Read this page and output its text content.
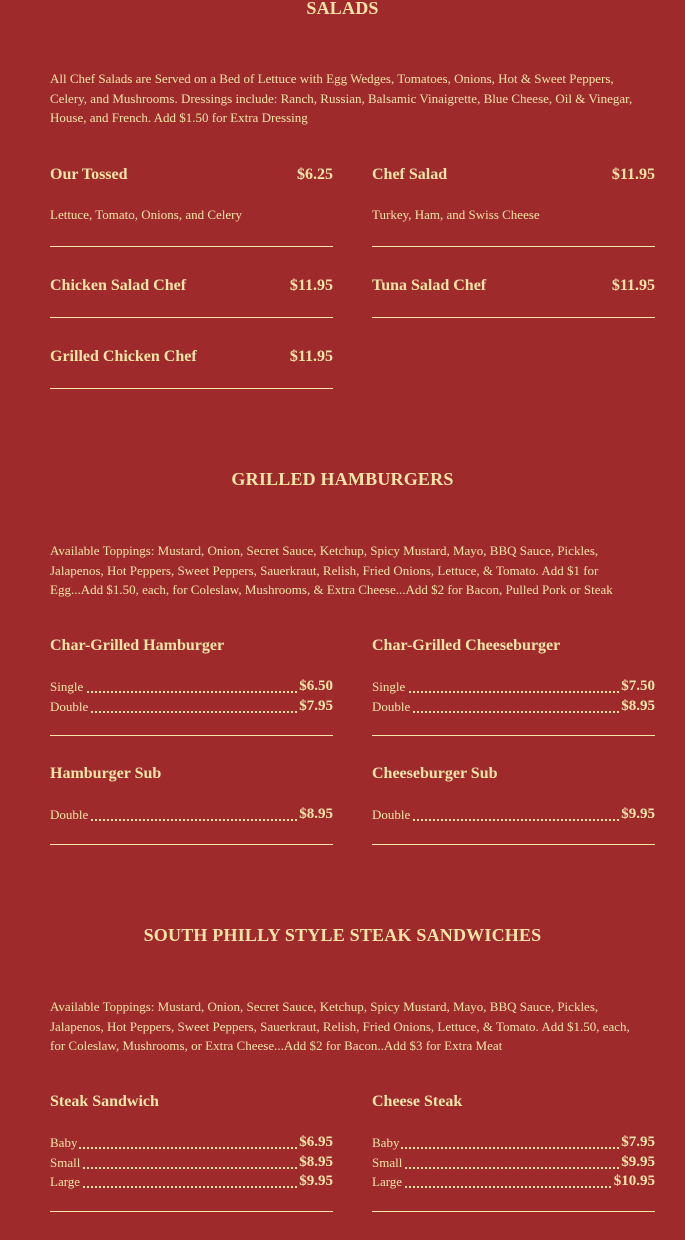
SALADS
All Chef Salads are Served on a Bed of Lettuce with Egg Wedges, Tomatoes, Onions, Hot & Sweet Peppers, Celery, and Mushrooms. Dressings include: Ranch, Russian, Balsamic Vinaigrette, Blue Cheese, Oil & Vinegar, House, and French. Add $1.50 for Extra Dressing
Our Tossed	$6.25
Lettuce, Tomato, Onions, and Celery
Chef Salad	$11.95
Turkey, Ham, and Swiss Cheese
Chicken Salad Chef	$11.95 Tuna Salad Chef	$11.95
Grilled Chicken Chef	$11.95
GRILLED HAMBURGERS
Available Toppings: Mustard, Onion, Secret Sauce, Ketchup, Spicy Mustard, Mayo, BBQ Sauce, Pickles, Jalapenos, Hot Peppers, Sweet Peppers, Sauerkraut, Relish, Fried Onions, Lettuce, & Tomato. Add $1 for Egg...Add $1.50, each, for Coleslaw, Mushrooms, & Extra Cheese...Add $2 for Bacon, Pulled Pork or Steak
Char-Grilled Hamburger
Single	$6.50
Double	$7.95
Char-Grilled Cheeseburger
Single	$7.50
Double	$8.95
Hamburger Sub
Double	$8.95
Cheeseburger Sub
Double	$9.95
SOUTH PHILLY STYLE STEAK SANDWICHES
Available Toppings: Mustard, Onion, Secret Sauce, Ketchup, Spicy Mustard, Mayo, BBQ Sauce, Pickles, Jalapenos, Hot Peppers, Sweet Peppers, Sauerkraut, Relish, Fried Onions, Lettuce, & Tomato. Add $1.50, each, for Coleslaw, Mushrooms, or Extra Cheese...Add $2 for Bacon..Add $3 for Extra Meat
Steak Sandwich
Baby	$6.95
Small	$8.95
Large	$9.95
Cheese Steak
Baby	$7.95
Small	$9.95
Large	$10.95
